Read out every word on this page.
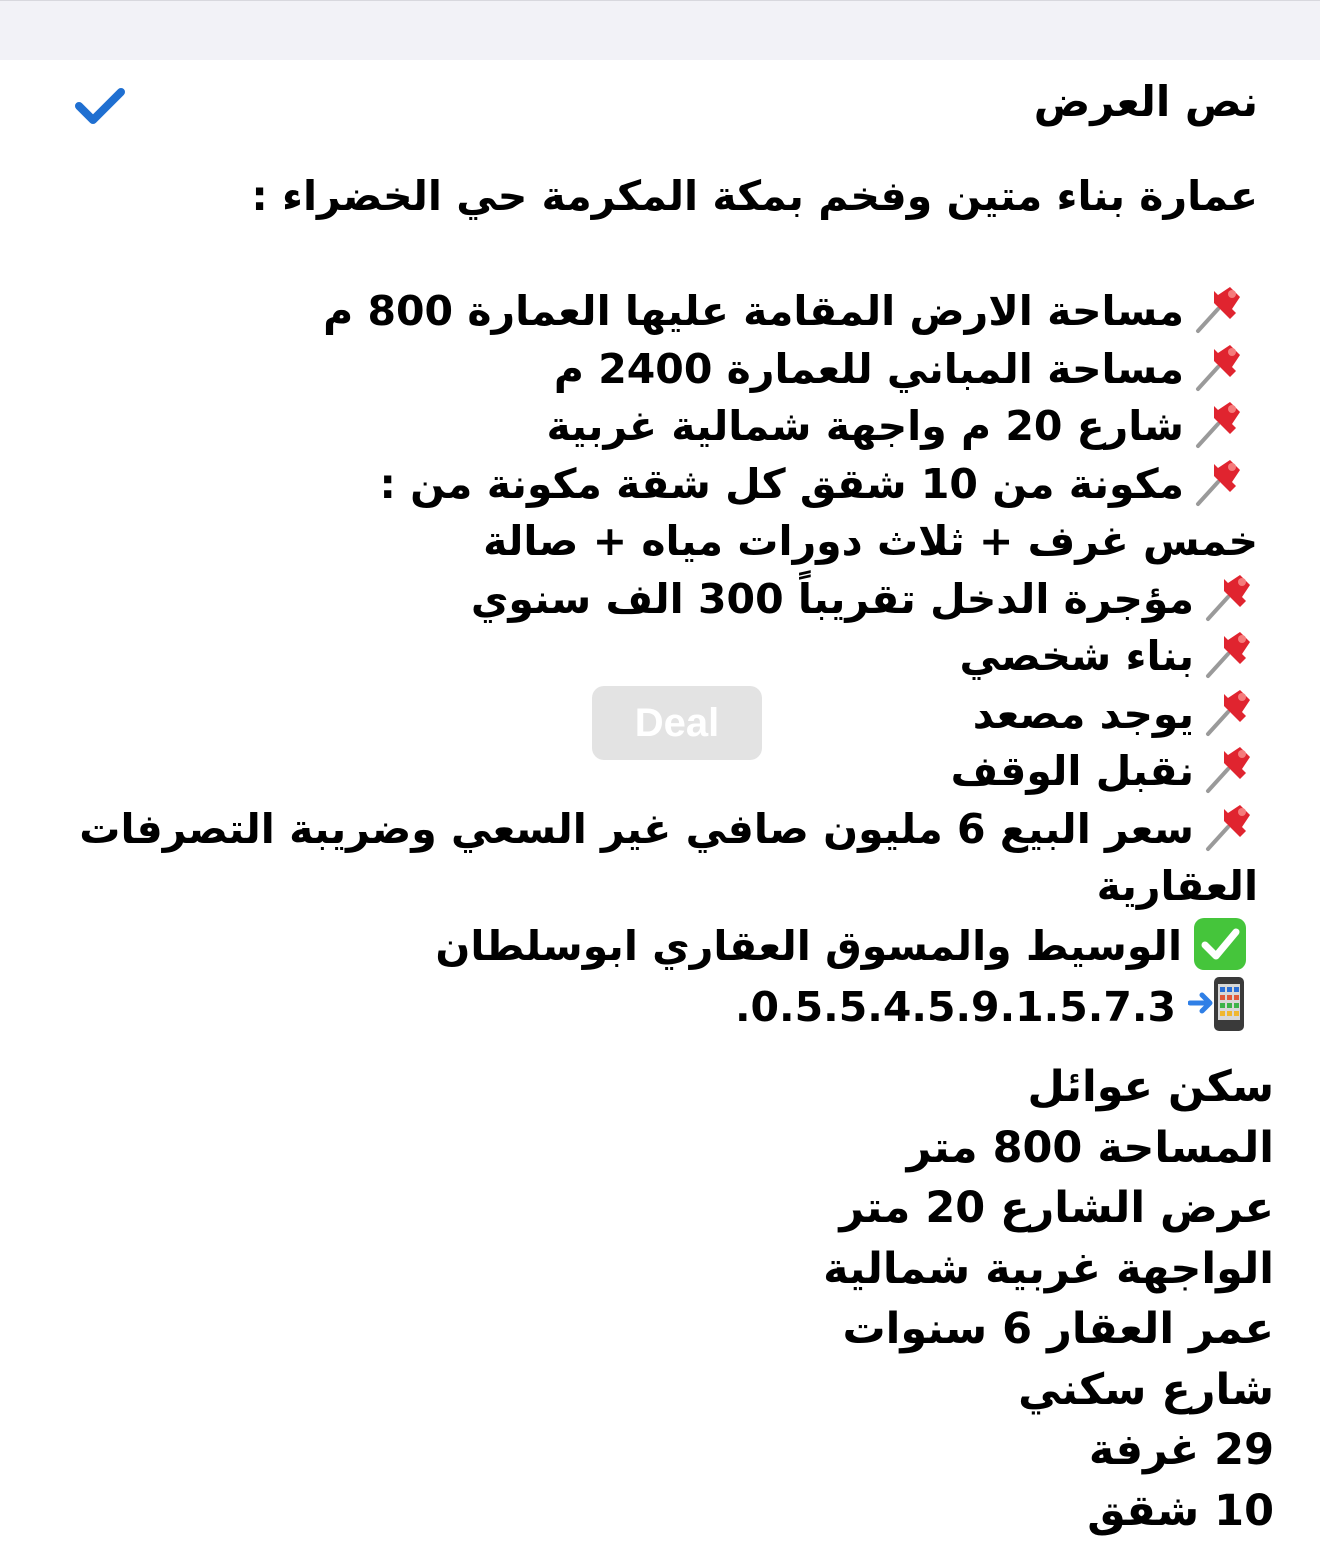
نص العرض
Deal
عمارة بناء متين وفخم بمكة المكرمة حي الخضراء :
مساحة الارض المقامة عليها العمارة 800 م
مساحة المباني للعمارة 2400 م
شارع 20 م واجهة شمالية غربية
مكونة من 10 شقق كل شقة مكونة من :
خمس غرف + ثلاث دورات مياه + صالة
مؤجرة الدخل تقريباً 300 الف سنوي
بناء شخصي
يوجد مصعد
نقبل الوقف
سعر البيع 6 مليون صافي غير السعي وضريبة التصرفات العقارية
الوسيط والمسوق العقاري ابوسلطان
0.5.5.4.5.9.1.5.7.3.
سكن عوائل
المساحة 800 متر
عرض الشارع 20 متر
الواجهة غربية شمالية
عمر العقار 6 سنوات
شارع سكني
29 غرفة
10 شقق
